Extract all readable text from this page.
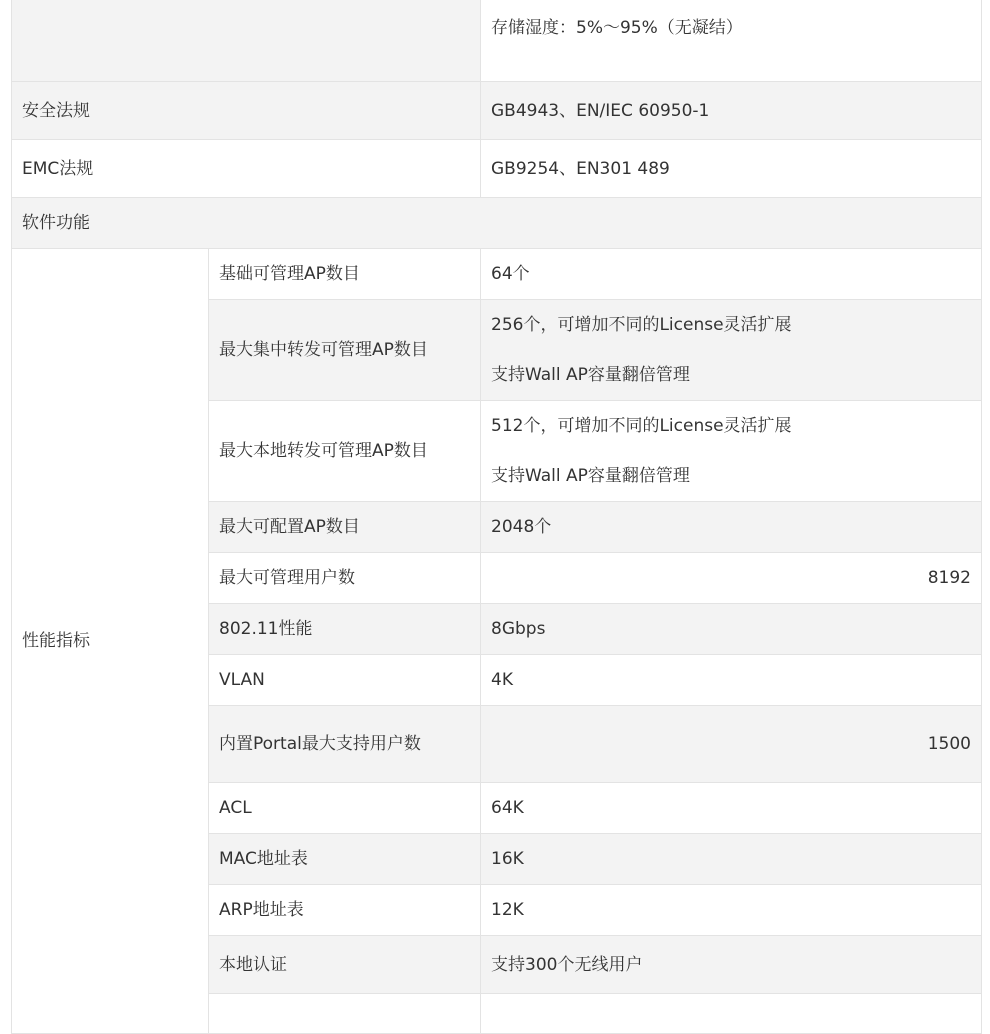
		存储湿度：5%～95%（无凝结）
安全法规		GB4943、EN/IEC 60950-1
EMC法规		GB9254、EN301 489
软件功能		
性能指标	基础可管理AP数目	64个
	最大集中转发可管理AP数目	256个，可增加不同的License灵活扩展
支持Wall AP容量翻倍管理

	最大本地转发可管理AP数目	512个，可增加不同的License灵活扩展
支持Wall AP容量翻倍管理

	最大可配置AP数目	2048个
	最大可管理用户数	8192
	802.11性能	8Gbps
	VLAN	4K
	内置Portal最大支持用户数	1500
	ACL	64K
	MAC地址表	16K
	ARP地址表	12K
	本地认证	支持300个无线用户
